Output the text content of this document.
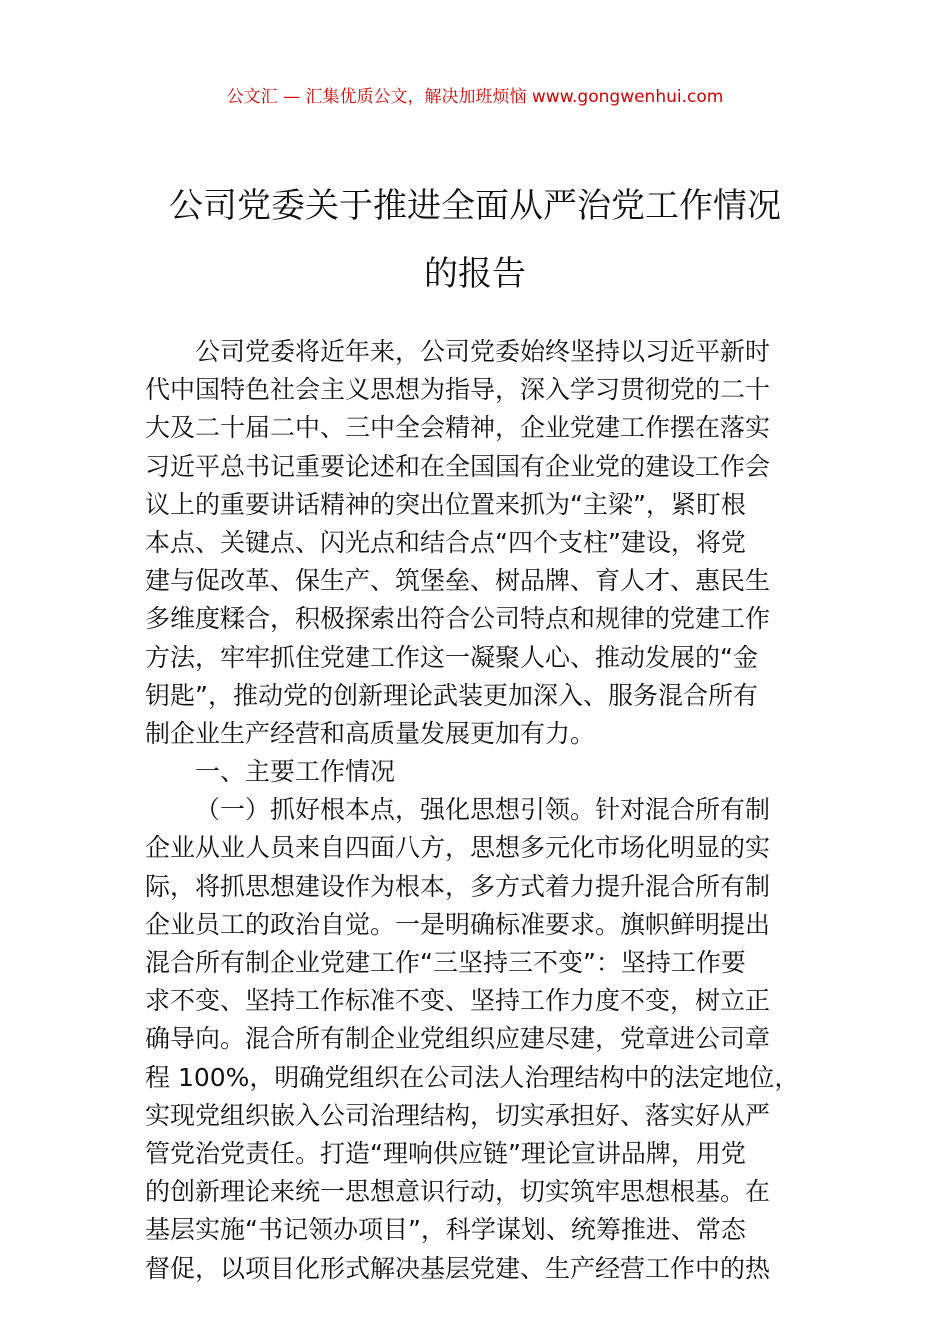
公文汇 — 汇集优质公文，解决加班烦恼 www.gongwenhui.com
公司党委关于推进全面从严治党工作情况
的报告
公司党委将近年来，公司党委始终坚持以习近平新时
代中国特色社会主义思想为指导，深入学习贯彻党的二十
大及二十届二中、三中全会精神，企业党建工作摆在落实
习近平总书记重要论述和在全国国有企业党的建设工作会
议上的重要讲话精神的突出位置来抓为“主梁”，紧盯根
本点、关键点、闪光点和结合点“四个支柱”建设，将党
建与促改革、保生产、筑堡垒、树品牌、育人才、惠民生
多维度糅合，积极探索出符合公司特点和规律的党建工作
方法，牢牢抓住党建工作这一凝聚人心、推动发展的“金
钥匙”，推动党的创新理论武装更加深入、服务混合所有
制企业生产经营和高质量发展更加有力。
一、主要工作情况
（一）抓好根本点，强化思想引领。针对混合所有制
企业从业人员来自四面八方，思想多元化市场化明显的实
际，将抓思想建设作为根本，多方式着力提升混合所有制
企业员工的政治自觉。一是明确标准要求。旗帜鲜明提出
混合所有制企业党建工作“三坚持三不变”：坚持工作要
求不变、坚持工作标准不变、坚持工作力度不变，树立正
确导向。混合所有制企业党组织应建尽建，党章进公司章
程 100%，明确党组织在公司法人治理结构中的法定地位，
实现党组织嵌入公司治理结构，切实承担好、落实好从严
管党治党责任。打造“理响供应链”理论宣讲品牌，用党
的创新理论来统一思想意识行动，切实筑牢思想根基。在
基层实施“书记领办项目”，科学谋划、统筹推进、常态
督促，以项目化形式解决基层党建、生产经营工作中的热
